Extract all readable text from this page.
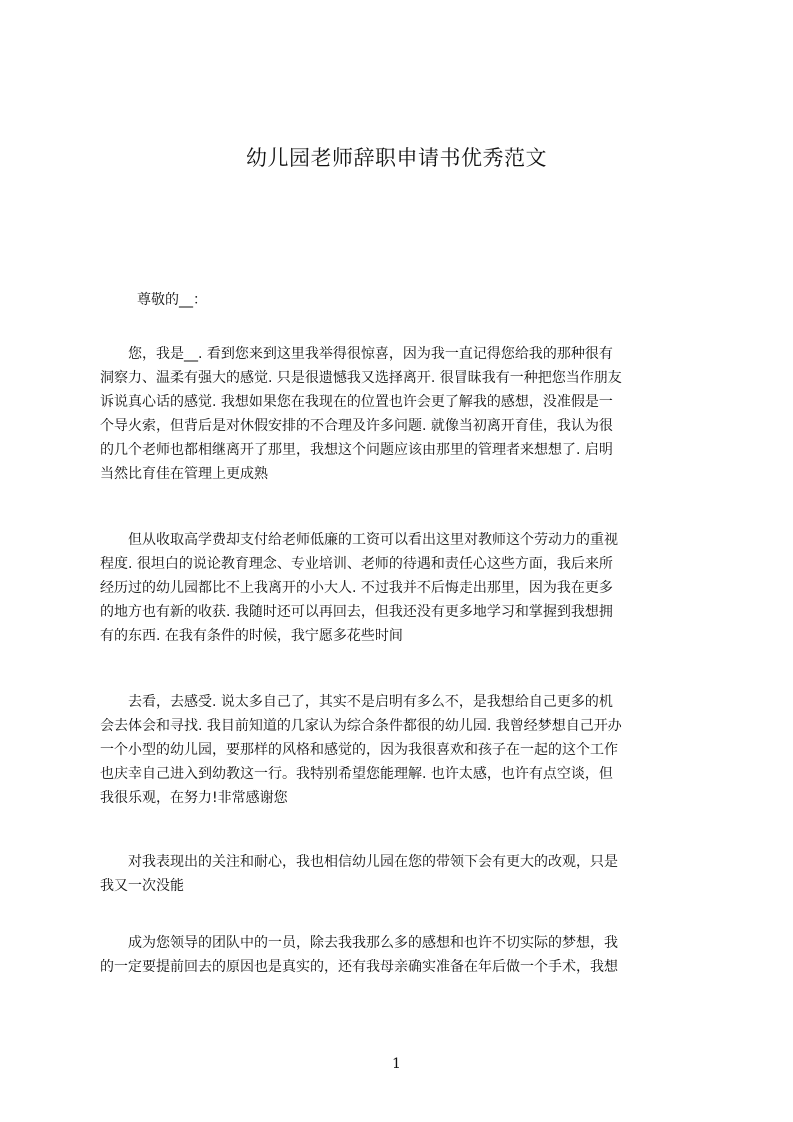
幼儿园老师辞职申请书优秀范文
尊敬的__：
　　您，我是__. 看到您来到这里我举得很惊喜，因为我一直记得您给我的那种很有
洞察力、温柔有强大的感觉. 只是很遗憾我又选择离开. 很冒昧我有一种把您当作朋友
诉说真心话的感觉. 我想如果您在我现在的位置也许会更了解我的感想，没准假是一
个导火索，但背后是对休假安排的不合理及许多问题. 就像当初离开育佳，我认为很
的几个老师也都相继离开了那里，我想这个问题应该由那里的管理者来想想了. 启明
当然比育佳在管理上更成熟
　　但从收取高学费却支付给老师低廉的工资可以看出这里对教师这个劳动力的重视
程度. 很坦白的说论教育理念、专业培训、老师的待遇和责任心这些方面，我后来所
经历过的幼儿园都比不上我离开的小大人. 不过我并不后悔走出那里，因为我在更多
的地方也有新的收获. 我随时还可以再回去，但我还没有更多地学习和掌握到我想拥
有的东西. 在我有条件的时候，我宁愿多花些时间
　　去看，去感受. 说太多自己了，其实不是启明有多么不，是我想给自己更多的机
会去体会和寻找. 我目前知道的几家认为综合条件都很的幼儿园. 我曾经梦想自己开办
一个小型的幼儿园，要那样的风格和感觉的，因为我很喜欢和孩子在一起的这个工作
也庆幸自己进入到幼教这一行。我特别希望您能理解. 也许太感，也许有点空谈，但
我很乐观，在努力!非常感谢您
　　对我表现出的关注和耐心，我也相信幼儿园在您的带领下会有更大的改观，只是
我又一次没能
　　成为您领导的团队中的一员，除去我我那么多的感想和也许不切实际的梦想，我
的一定要提前回去的原因也是真实的，还有我母亲确实准备在年后做一个手术，我想
1
